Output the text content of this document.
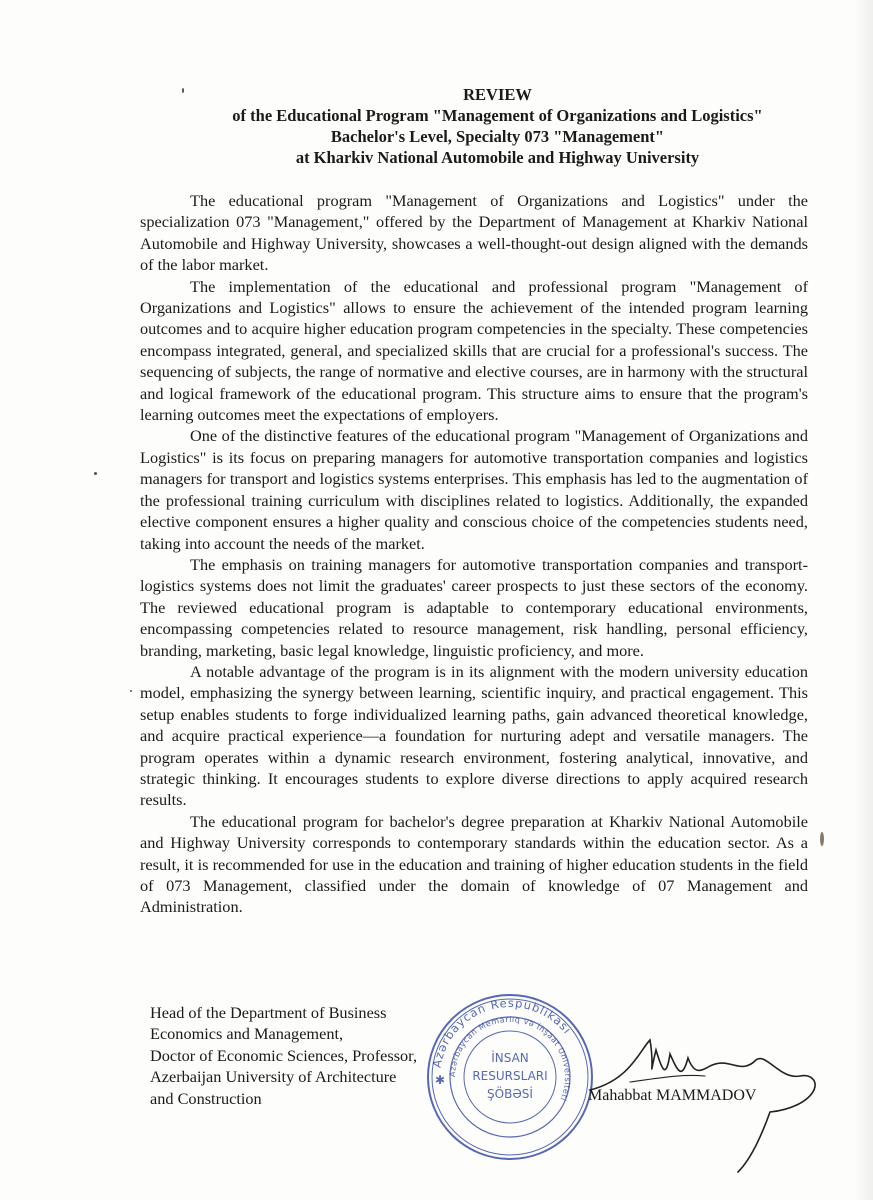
REVIEW
of the Educational Program "Management of Organizations and Logistics"
Bachelor's Level, Specialty 073 "Management"
at Kharkiv National Automobile and Highway University

The educational program "Management of Organizations and Logistics" under the specialization 073 "Management," offered by the Department of Management at Kharkiv National Automobile and Highway University, showcases a well-thought-out design aligned with the demands of the labor market.

The implementation of the educational and professional program "Management of Organizations and Logistics" allows to ensure the achievement of the intended program learning outcomes and to acquire higher education program competencies in the specialty. These competencies encompass integrated, general, and specialized skills that are crucial for a professional's success. The sequencing of subjects, the range of normative and elective courses, are in harmony with the structural and logical framework of the educational program. This structure aims to ensure that the program's learning outcomes meet the expectations of employers.

One of the distinctive features of the educational program "Management of Organizations and Logistics" is its focus on preparing managers for automotive transportation companies and logistics managers for transport and logistics systems enterprises. This emphasis has led to the augmentation of the professional training curriculum with disciplines related to logistics. Additionally, the expanded elective component ensures a higher quality and conscious choice of the competencies students need, taking into account the needs of the market.

The emphasis on training managers for automotive transportation companies and transport-logistics systems does not limit the graduates' career prospects to just these sectors of the economy. The reviewed educational program is adaptable to contemporary educational environments, encompassing competencies related to resource management, risk handling, personal efficiency, branding, marketing, basic legal knowledge, linguistic proficiency, and more.

A notable advantage of the program is in its alignment with the modern university education model, emphasizing the synergy between learning, scientific inquiry, and practical engagement. This setup enables students to forge individualized learning paths, gain advanced theoretical knowledge, and acquire practical experience—a foundation for nurturing adept and versatile managers. The program operates within a dynamic research environment, fostering analytical, innovative, and strategic thinking. It encourages students to explore diverse directions to apply acquired research results.

The educational program for bachelor's degree preparation at Kharkiv National Automobile and Highway University corresponds to contemporary standards within the education sector. As a result, it is recommended for use in the education and training of higher education students in the field of 073 Management, classified under the domain of knowledge of 07 Management and Administration.

Head of the Department of Business
Economics and Management,
Doctor of Economic Sciences, Professor,
Azerbaijan University of Architecture
and Construction
Azərbaycan Respublikası
Azərbaycan Memarlıq və İnşaat Universiteti
İNSAN
RESURSLARI
ŞÖBƏSİ
✱
Mahabbat MAMMADOV
